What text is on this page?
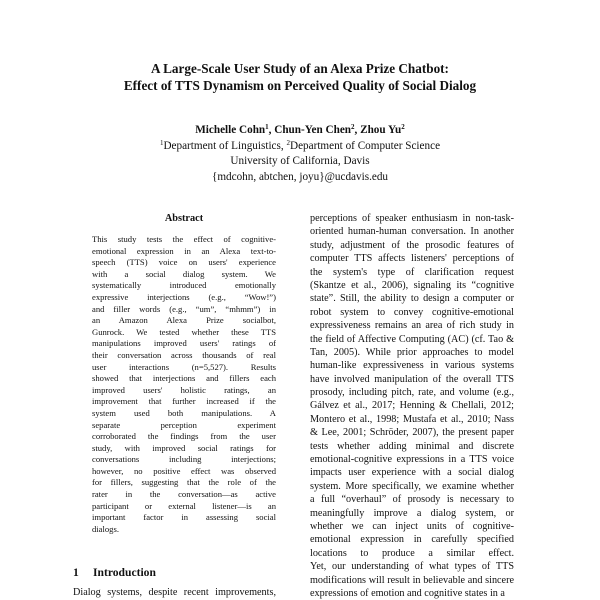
A Large-Scale User Study of an Alexa Prize Chatbot:
Effect of TTS Dynamism on Perceived Quality of Social Dialog
Michelle Cohn$^1$, Chun-Yen Chen$^2$, Zhou Yu$^2$
$^1$Department of Linguistics, $^2$Department of Computer Science
University of California, Davis
{mdcohn, abtchen, joyu}@ucdavis.edu
Abstract
This study tests the effect of cognitive-
emotional expression in an Alexa text-to-
speech (TTS) voice on users' experience
with a social dialog system. We
systematically introduced emotionally
expressive interjections (e.g., “Wow!”)
and filler words (e.g., “um”, “mhmm”) in
an Amazon Alexa Prize socialbot,
Gunrock. We tested whether these TTS
manipulations improved users' ratings of
their conversation across thousands of real
user interactions (n=5,527). Results
showed that interjections and fillers each
improved users' holistic ratings, an
improvement that further increased if the
system used both manipulations. A
separate perception experiment
corroborated the findings from the user
study, with improved social ratings for
conversations including interjections;
however, no positive effect was observed
for fillers, suggesting that the role of the
rater in the conversation—as active
participant or external listener—is an
important factor in assessing social
dialogs.
perceptions of speaker enthusiasm in non-task-
oriented human-human conversation. In another
study, adjustment of the prosodic features of
computer TTS affects listeners' perceptions of
the system's type of clarification request
(Skantze et al., 2006), signaling its “cognitive
state”. Still, the ability to design a computer or
robot system to convey cognitive-emotional
expressiveness remains an area of rich study in
the field of Affective Computing (AC) (cf. Tao &
Tan, 2005). While prior approaches to model
human-like expressiveness in various systems
have involved manipulation of the overall TTS
prosody, including pitch, rate, and volume (e.g.,
Gálvez et al., 2017; Henning & Chellali, 2012;
Montero et al., 1998; Mustafa et al., 2010; Nass
& Lee, 2001; Schröder, 2007), the present paper
tests whether adding minimal and discrete
emotional-cognitive expressions in a TTS voice
impacts user experience with a social dialog
system. More specifically, we examine whether
a full “overhaul” of prosody is necessary to
meaningfully improve a dialog system, or
whether we can inject units of cognitive-
emotional expression in carefully specified
locations to produce a similar effect.
Yet, our understanding of what types of TTS
modifications will result in believable and sincere
expressions of emotion and cognitive states in a
1 Introduction
Dialog systems, despite recent improvements,
